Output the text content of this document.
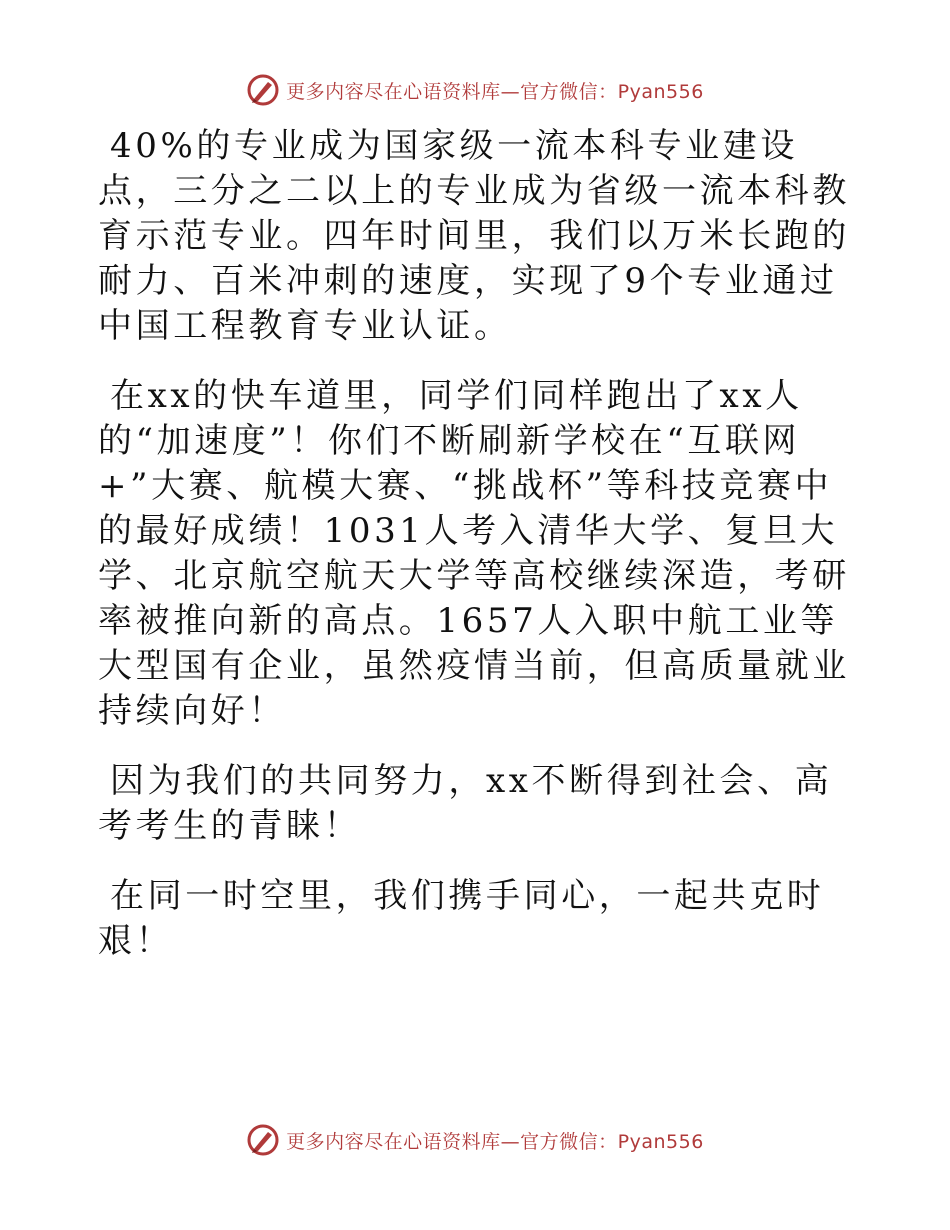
更多内容尽在心语资料库—官方微信：Pyan556

40%的专业成为国家级一流本科专业建设点，三分之二以上的专业成为省级一流本科教育示范专业。四年时间里，我们以万米长跑的耐力、百米冲刺的速度，实现了9个专业通过中国工程教育专业认证。

在xx的快车道里，同学们同样跑出了xx人的“加速度”！你们不断刷新学校在“互联网+”大赛、航模大赛、“挑战杯”等科技竞赛中的最好成绩！1031人考入清华大学、复旦大学、北京航空航天大学等高校继续深造，考研率被推向新的高点。1657人入职中航工业等大型国有企业，虽然疫情当前，但高质量就业持续向好！

因为我们的共同努力，xx不断得到社会、高考考生的青睐！

在同一时空里，我们携手同心，一起共克时艰！

更多内容尽在心语资料库—官方微信：Pyan556
